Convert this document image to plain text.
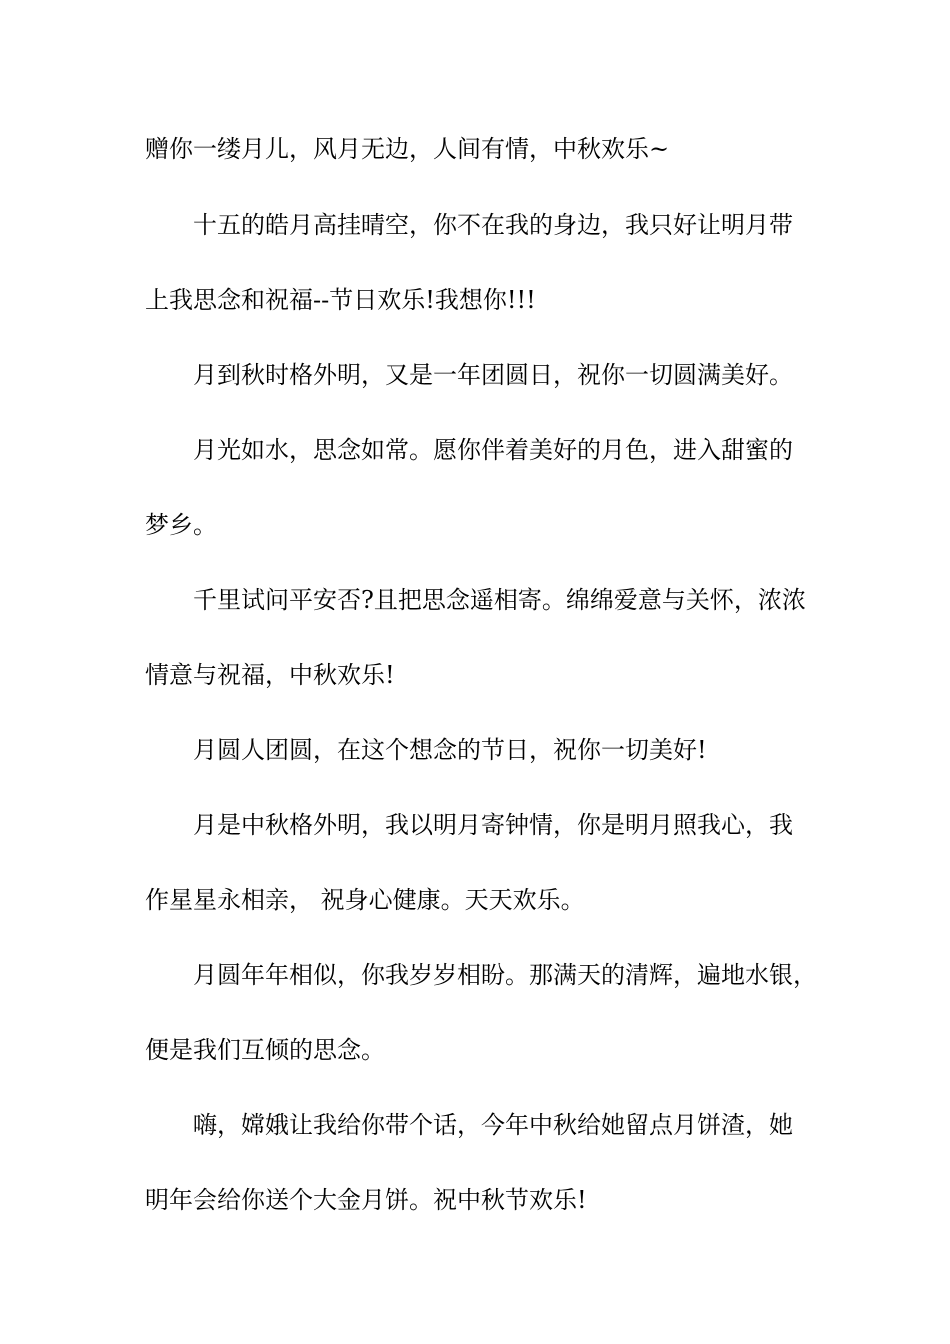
赠你一缕月儿，风月无边，人间有情，中秋欢乐~
十五的皓月高挂晴空，你不在我的身边，我只好让明月带
上我思念和祝福--节日欢乐!我想你!!!
月到秋时格外明，又是一年团圆日，祝你一切圆满美好。
月光如水，思念如常。愿你伴着美好的月色，进入甜蜜的
梦乡。
千里试问平安否?且把思念遥相寄。绵绵爱意与关怀，浓浓
情意与祝福，中秋欢乐!
月圆人团圆，在这个想念的节日，祝你一切美好!
月是中秋格外明，我以明月寄钟情，你是明月照我心，我
作星星永相亲， 祝身心健康。天天欢乐。
月圆年年相似，你我岁岁相盼。那满天的清辉，遍地水银，
便是我们互倾的思念。
嗨，嫦娥让我给你带个话，今年中秋给她留点月饼渣，她
明年会给你送个大金月饼。祝中秋节欢乐!
